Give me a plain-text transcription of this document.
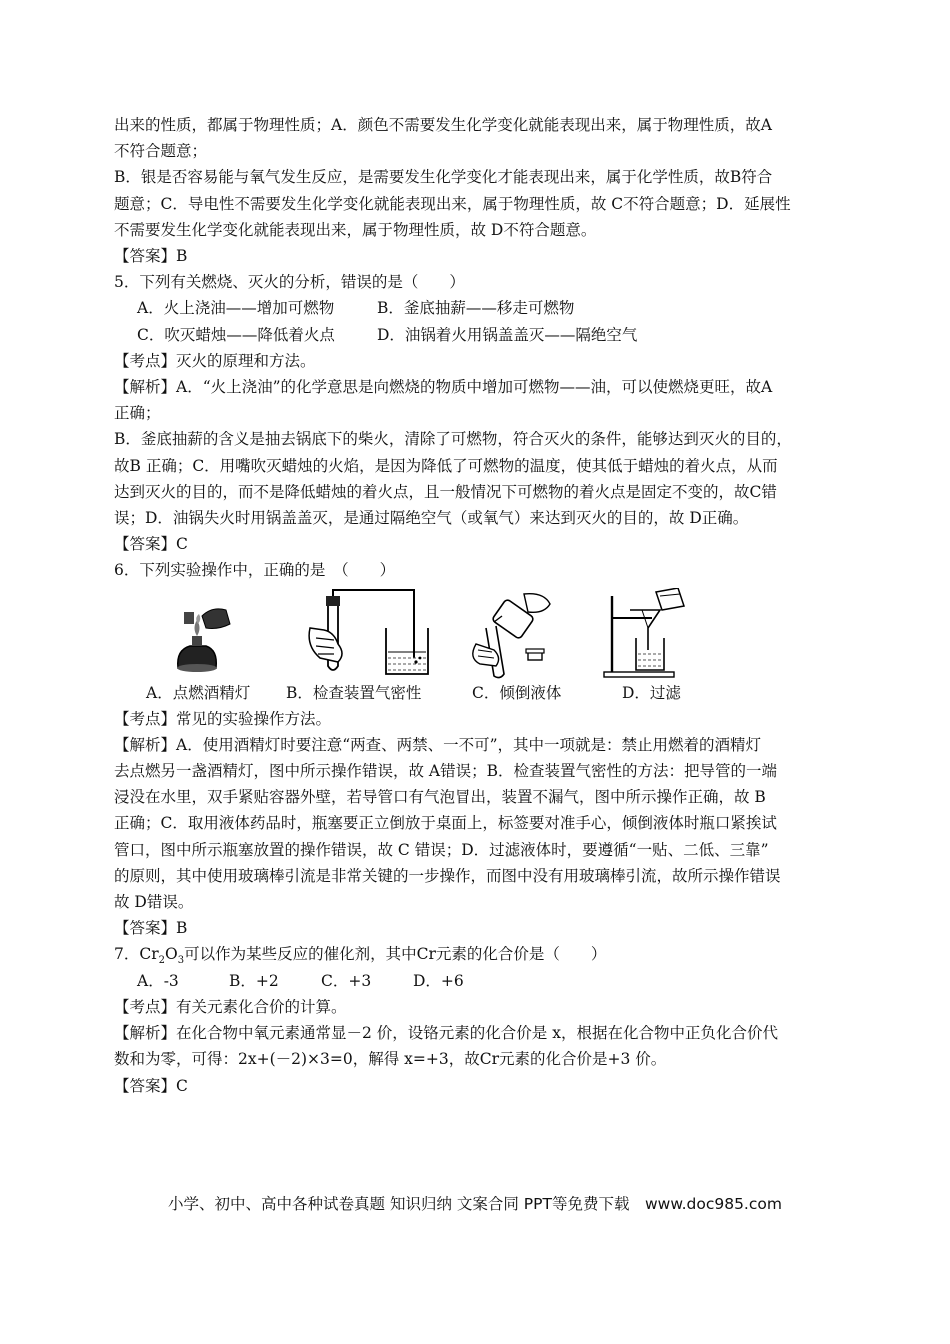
出来的性质，都属于物理性质；A．颜色不需要发生化学变化就能表现出来，属于物理性质，故A
不符合题意；
B．银是否容易能与氧气发生反应，是需要发生化学变化才能表现出来，属于化学性质，故B符合
题意；C．导电性不需要发生化学变化就能表现出来，属于物理性质，故 C不符合题意；D．延展性
不需要发生化学变化就能表现出来，属于物理性质，故 D不符合题意。
【答案】B
5．下列有关燃烧、灭火的分析，错误的是（　　）
A．火上浇油——增加可燃物	B．釜底抽薪——移走可燃物
C．吹灭蜡烛——降低着火点	D．油锅着火用锅盖盖灭——隔绝空气
【考点】灭火的原理和方法。
【解析】A．“火上浇油”的化学意思是向燃烧的物质中增加可燃物——油，可以使燃烧更旺，故A
正确；
B．釜底抽薪的含义是抽去锅底下的柴火，清除了可燃物，符合灭火的条件，能够达到灭火的目的，
故B 正确；C．用嘴吹灭蜡烛的火焰，是因为降低了可燃物的温度，使其低于蜡烛的着火点，从而
达到灭火的目的，而不是降低蜡烛的着火点，且一般情况下可燃物的着火点是固定不变的，故C错
误；D．油锅失火时用锅盖盖灭，是通过隔绝空气（或氧气）来达到灭火的目的，故 D正确。
【答案】C
6．下列实验操作中，正确的是　（　　）
A．点燃酒精灯 B．检查装置气密性	C．倾倒液体	D．过滤
【考点】常见的实验操作方法。
【解析】A．使用酒精灯时要注意“两查、两禁、一不可”，其中一项就是：禁止用燃着的酒精灯
去点燃另一盏酒精灯，图中所示操作错误，故 A错误；B．检查装置气密性的方法：把导管的一端
浸没在水里，双手紧贴容器外壁，若导管口有气泡冒出，装置不漏气，图中所示操作正确，故 B
正确；C．取用液体药品时，瓶塞要正立倒放于桌面上，标签要对准手心，倾倒液体时瓶口紧挨试
管口，图中所示瓶塞放置的操作错误，故 C 错误；D．过滤液体时，要遵循“一贴、二低、三靠”
的原则，其中使用玻璃棒引流是非常关键的一步操作，而图中没有用玻璃棒引流，故所示操作错误
故 D错误。
【答案】B
7．$Cr_2O_3$可以作为某些反应的催化剂，其中Cr元素的化合价是（　　）
A．-3	B．+2	C．+3	D．+6
【考点】有关元素化合价的计算。
【解析】在化合物中氧元素通常显－2 价，设铬元素的化合价是 x，根据在化合物中正负化合价代
数和为零，可得：2x+(－2)×3=0，解得 x=+3，故Cr元素的化合价是+3 价。
【答案】C
小学、初中、高中各种试卷真题 知识归纳 文案合同 PPT等免费下载　www.doc985.com
